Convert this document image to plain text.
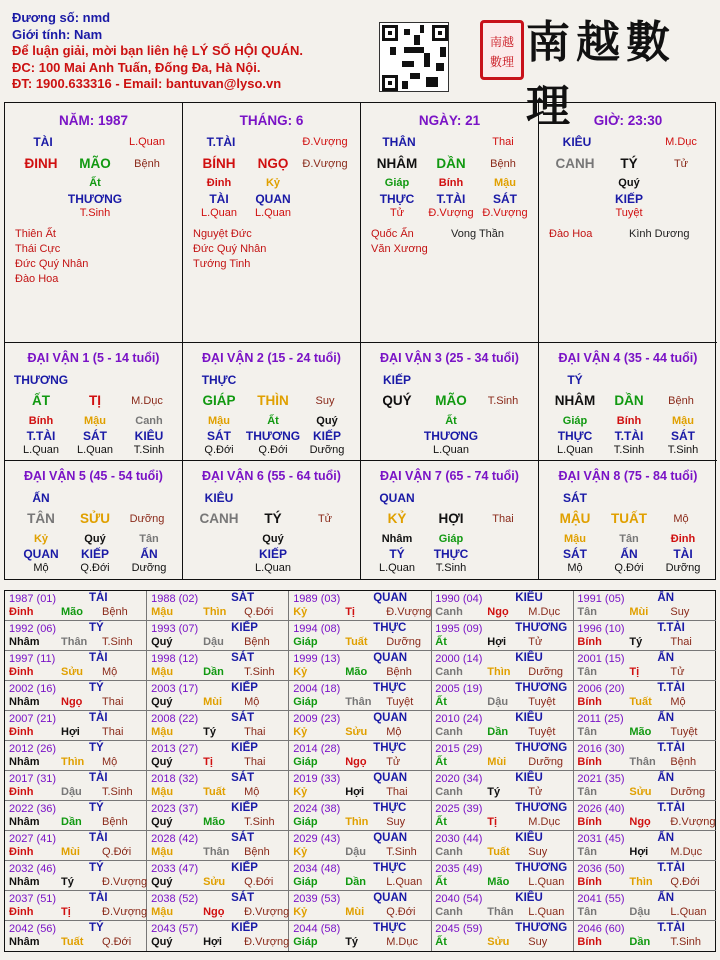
Đương số: nmd
Giới tính: Nam
Để luận giải, mời bạn liên hệ LÝ SỐ HỘI QUÁN.
ĐC: 100 Mai Anh Tuấn, Đống Đa, Hà Nội.
ĐT: 1900.633316 - Email: bantuvan@lyso.vn
南越
數理 南越數理
NĂM: 1987
TÀI	L.Quan
ĐINH	MÃO	Bệnh
Ất
THƯƠNG
T.Sinh
Thiên Ất
Thái Cực
Đức Quý Nhân
Đào Hoa
THÁNG: 6
T.TÀI	Đ.Vượng
BÍNH	NGỌ	Đ.Vượng
Đinh
TÀI
L.Quan
Kỷ
QUAN
L.Quan
Nguyệt Đức
Đức Quý Nhân
Tướng Tinh
NGÀY: 21
THÂN	Thai
NHÂM	DẦN	Bệnh
Giáp
THỰC
Tử
Bính
T.TÀI
Đ.Vượng
Mậu
SÁT
Đ.Vượng
Quốc Ấn
Văn Xương
Vong Thần
GIỜ: 23:30
KIÊU	M.Dục
CANH	TÝ	Tử
Quý
KIẾP
Tuyệt
Đào Hoa	Kình Dương
ĐẠI VẬN 1 (5 - 14 tuổi)
THƯƠNG
ẤT	TỊ	M.Dục
Bính
T.TÀI
L.Quan
Mậu
SÁT
L.Quan
Canh
KIÊU
T.Sinh
ĐẠI VẬN 2 (15 - 24 tuổi)
THỰC
GIÁP	THÌN	Suy
Mậu
SÁT
Q.Đới
Ất
THƯƠNG
Q.Đới
Quý
KIẾP
Dưỡng
ĐẠI VẬN 3 (25 - 34 tuổi)
KIẾP
QUÝ	MÃO	T.Sinh
Ất
THƯƠNG
L.Quan
ĐẠI VẬN 4 (35 - 44 tuổi)
TÝ
NHÂM	DẦN	Bệnh
Giáp
THỰC
L.Quan
Bính
T.TÀI
T.Sinh
Mậu
SÁT
T.Sinh
ĐẠI VẬN 5 (45 - 54 tuổi)
ẤN
TÂN	SỬU	Dưỡng
Kỷ
QUAN
Mộ
Quý
KIẾP
Q.Đới
Tân
ẤN
Dưỡng
ĐẠI VẬN 6 (55 - 64 tuổi)
KIÊU
CANH	TÝ	Tử
Quý
KIẾP
L.Quan
ĐẠI VẬN 7 (65 - 74 tuổi)
QUAN
KỶ	HỢI	Thai
Nhâm
TÝ
L.Quan
Giáp
THỰC
T.Sinh
ĐẠI VẬN 8 (75 - 84 tuổi)
SÁT
MẬU	TUẤT	Mộ
Mậu
SÁT
Mộ
Tân
ẤN
Q.Đới
Đinh
TÀI
Dưỡng
1987 (01)	TÀI
Đinh	Mão Bệnh
1988 (02)	SÁT
Mậu	Thìn Q.Đới
1989 (03)	QUAN
Kỷ	Tị	Đ.Vượng
1990 (04)	KIÊU
Canh Ngọ M.Dục
1991 (05)	ẤN
Tân	Mùi Suy
1992 (06)	TÝ
Nhâm Thân T.Sinh
1993 (07)	KIẾP
Quý	Dậu Bệnh
1994 (08)	THỰC
Giáp	Tuất Dưỡng
1995 (09)	THƯƠNG
Ất	Hợi Tử
1996 (10)	T.TÀI
Bính	Tý	Thai
1997 (11)	TÀI
Đinh	Sửu Mộ
1998 (12)	SÁT
Mậu	Dần T.Sinh
1999 (13)	QUAN
Kỷ	Mão Bệnh
2000 (14)	KIÊU
Canh Thìn Dưỡng
2001 (15)	ẤN
Tân	Tị	Tử
2002 (16)	TÝ
Nhâm Ngọ Thai
2003 (17)	KIẾP
Quý	Mùi Mộ
2004 (18)	THỰC
Giáp	Thân Tuyệt
2005 (19)	THƯƠNG
Ất	Dậu Tuyệt
2006 (20)	T.TÀI
Bính	Tuất Mộ
2007 (21)	TÀI
Đinh	Hợi Thai
2008 (22)	SÁT
Mậu	Tý	Thai
2009 (23)	QUAN
Kỷ	Sửu Mộ
2010 (24)	KIÊU
Canh Dần Tuyệt
2011 (25)	ẤN
Tân	Mão Tuyệt
2012 (26)	TÝ
Nhâm Thìn Mộ
2013 (27)	KIẾP
Quý	Tị	Thai
2014 (28)	THỰC
Giáp	Ngọ Tử
2015 (29)	THƯƠNG
Ất	Mùi Dưỡng
2016 (30)	T.TÀI
Bính	Thân Bệnh
2017 (31)	TÀI
Đinh	Dậu T.Sinh
2018 (32)	SÁT
Mậu	Tuất Mộ
2019 (33)	QUAN
Kỷ	Hợi Thai
2020 (34)	KIÊU
Canh Tý	Tử
2021 (35)	ẤN
Tân	Sửu Dưỡng
2022 (36)	TÝ
Nhâm Dần Bệnh
2023 (37)	KIẾP
Quý	Mão T.Sinh
2024 (38)	THỰC
Giáp	Thìn Suy
2025 (39)	THƯƠNG
Ất	Tị	M.Dục
2026 (40)	T.TÀI
Bính	Ngọ Đ.Vượng
2027 (41)	TÀI
Đinh	Mùi Q.Đới
2028 (42)	SÁT
Mậu	Thân Bệnh
2029 (43)	QUAN
Kỷ	Dậu T.Sinh
2030 (44)	KIÊU
Canh Tuất Suy
2031 (45)	ẤN
Tân	Hợi M.Dục
2032 (46)	TÝ
Nhâm Tý	Đ.Vượng
2033 (47)	KIẾP
Quý	Sửu Q.Đới
2034 (48)	THỰC
Giáp	Dần L.Quan
2035 (49)	THƯƠNG
Ất	Mão L.Quan
2036 (50)	T.TÀI
Bính	Thìn Q.Đới
2037 (51)	TÀI
Đinh	Tị	Đ.Vượng
2038 (52)	SÁT
Mậu	Ngọ Đ.Vượng
2039 (53)	QUAN
Kỷ	Mùi Q.Đới
2040 (54)	KIÊU
Canh Thân L.Quan
2041 (55)	ẤN
Tân	Dậu L.Quan
2042 (56)	TÝ
Nhâm Tuất Q.Đới
2043 (57)	KIẾP
Quý	Hợi Đ.Vượng
2044 (58)	THỰC
Giáp	Tý	M.Dục
2045 (59)	THƯƠNG
Ất	Sửu Suy
2046 (60)	T.TÀI
Bính	Dần T.Sinh
